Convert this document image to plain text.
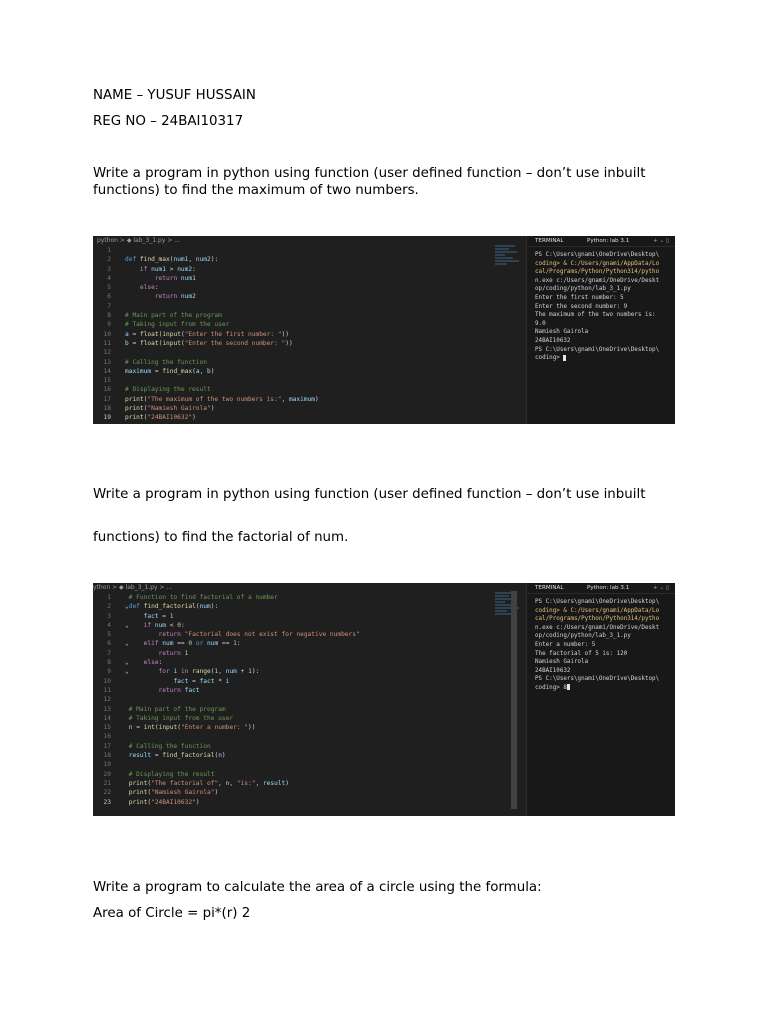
NAME – YUSUF HUSSAIN
REG NO – 24BAI10317
Write a program in python using function (user defined function – don’t use inbuilt functions) to find the maximum of two numbers.
python > ◆ lab_3_1.py > ...
1
2 def find_max(num1, num2):
3	if num1 > num2:
4	return num1
5	else:
6	return num2
7
8 # Main part of the program
9 # Taking input from the user
10 a = float(input("Enter the first number: "))
11 b = float(input("Enter the second number: "))
12
13 # Calling the function
14 maximum = find_max(a, b)
15
16 # Displaying the result
17 print("The maximum of the two numbers is:", maximum)
18 print("Namiesh Gairola")
19 print("24BAI10632")
TERMINAL	Python: lab 3.1	+ ⌄ ▯
PS C:\Users\gnami\OneDrive\Desktop\
coding> & C:/Users/gnami/AppData/Lo
cal/Programs/Python/Python314/pytho
n.exe c:/Users/gnami/OneDrive/Deskt
op/coding/python/lab_3_1.py
Enter the first number: 5
Enter the second number: 9
The maximum of the two numbers is:
9.0
Namiesh Gairola
24BAI10632
PS C:\Users\gnami\OneDrive\Desktop\
coding>
Write a program in python using function (user defined function – don’t use inbuilt
functions) to find the factorial of num.
ython > ◆ lab_3_1.py > ...
1	# Function to find factorial of a number
2 ⌄def find_factorial(num):
3	fact = 1
4 ⌄ if num < 0:
5	return "Factorial does not exist for negative numbers"
6 ⌄ elif num == 0 or num == 1:
7	return 1
8 ⌄ else:
9 ⌄	for i in range(1, num + 1):
10	fact = fact * i
11	return fact
12
13	# Main part of the program
14	# Taking input from the user
15	n = int(input("Enter a number: "))
16
17	# Calling the function
18	result = find_factorial(n)
19
20	# Displaying the result
21	print("The factorial of", n, "is:", result)
22	print("Namiesh Gairola")
23	print("24BAI10632")
TERMINAL	Python: lab 3.1	+ ⌄ ▯
PS C:\Users\gnami\OneDrive\Desktop\
coding> & C:/Users/gnami/AppData/Lo
cal/Programs/Python/Python314/pytho
n.exe c:/Users/gnami/OneDrive/Deskt
op/coding/python/lab_3_1.py
Enter a number: 5
The factorial of 5 is: 120
Namiesh Gairola
24BAI10632
PS C:\Users\gnami\OneDrive\Desktop\
coding> 8
Write a program to calculate the area of a circle using the formula:
Area of Circle = pi*(r) 2
